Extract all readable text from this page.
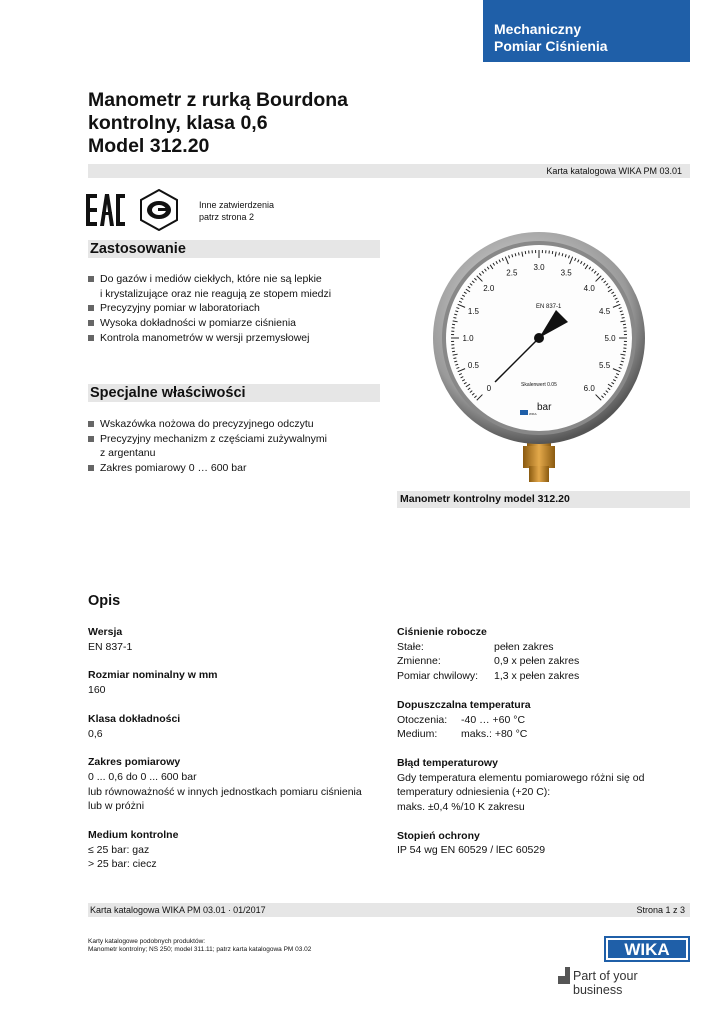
Mechaniczny
Pomiar Ciśnienia
Manometr z rurką Bourdona
kontrolny, klasa 0,6
Model 312.20
Karta katalogowa WIKA PM 03.01
Inne zatwierdzenia
patrz strona 2
Zastosowanie
Do gazów i mediów ciekłych, które nie są lepkie
i krystalizujące oraz nie reagują ze stopem miedzi
Precyzyjny pomiar w laboratoriach
Wysoka dokładności w pomiarze ciśnienia
Kontrola manometrów w wersji przemysłowej
Specjalne właściwości
Wskazówka nożowa do precyzyjnego odczytu
Precyzyjny mechanizm z częściami zużywalnymi
z argentanu
Zakres pomiarowy 0 … 600 bar
0
0.5
1.0
1.5
2.0
2.5
3.0
3.5
4.0
4.5
5.0
5.5
6.0
EN 837-1
Skalenwert 0.05
bar
WIKA
Manometr kontrolny model 312.20
Opis
Wersja
EN 837-1
Rozmiar nominalny w mm
160
Klasa dokładności
0,6
Zakres pomiarowy
0 ... 0,6 do 0 ... 600 bar
lub równoważność w innych jednostkach pomiaru ciśnienia
lub w próżni
Medium kontrolne
≤ 25 bar: gaz
> 25 bar: ciecz
Ciśnienie robocze
Stałe:	pełen zakres
Zmienne:	0,9 x pełen zakres
Pomiar chwilowy:	1,3 x pełen zakres
Dopuszczalna temperatura
Otoczenia:	-40 … +60 °C
Medium:	maks.: +80 °C
Błąd temperaturowy
Gdy temperatura elementu pomiarowego różni się od
temperatury odniesienia (+20 C):
maks. ±0,4 %/10 K zakresu
Stopień ochrony
IP 54 wg EN 60529 / lEC 60529
Karta katalogowa WIKA PM 03.01 ∙ 01/2017	Strona 1 z 3
Karty katalogowe podobnych produktów:
Manometr kontrolny; NS 250; model 311.11; patrz karta katalogowa PM 03.02	WIKA
Part of your business
